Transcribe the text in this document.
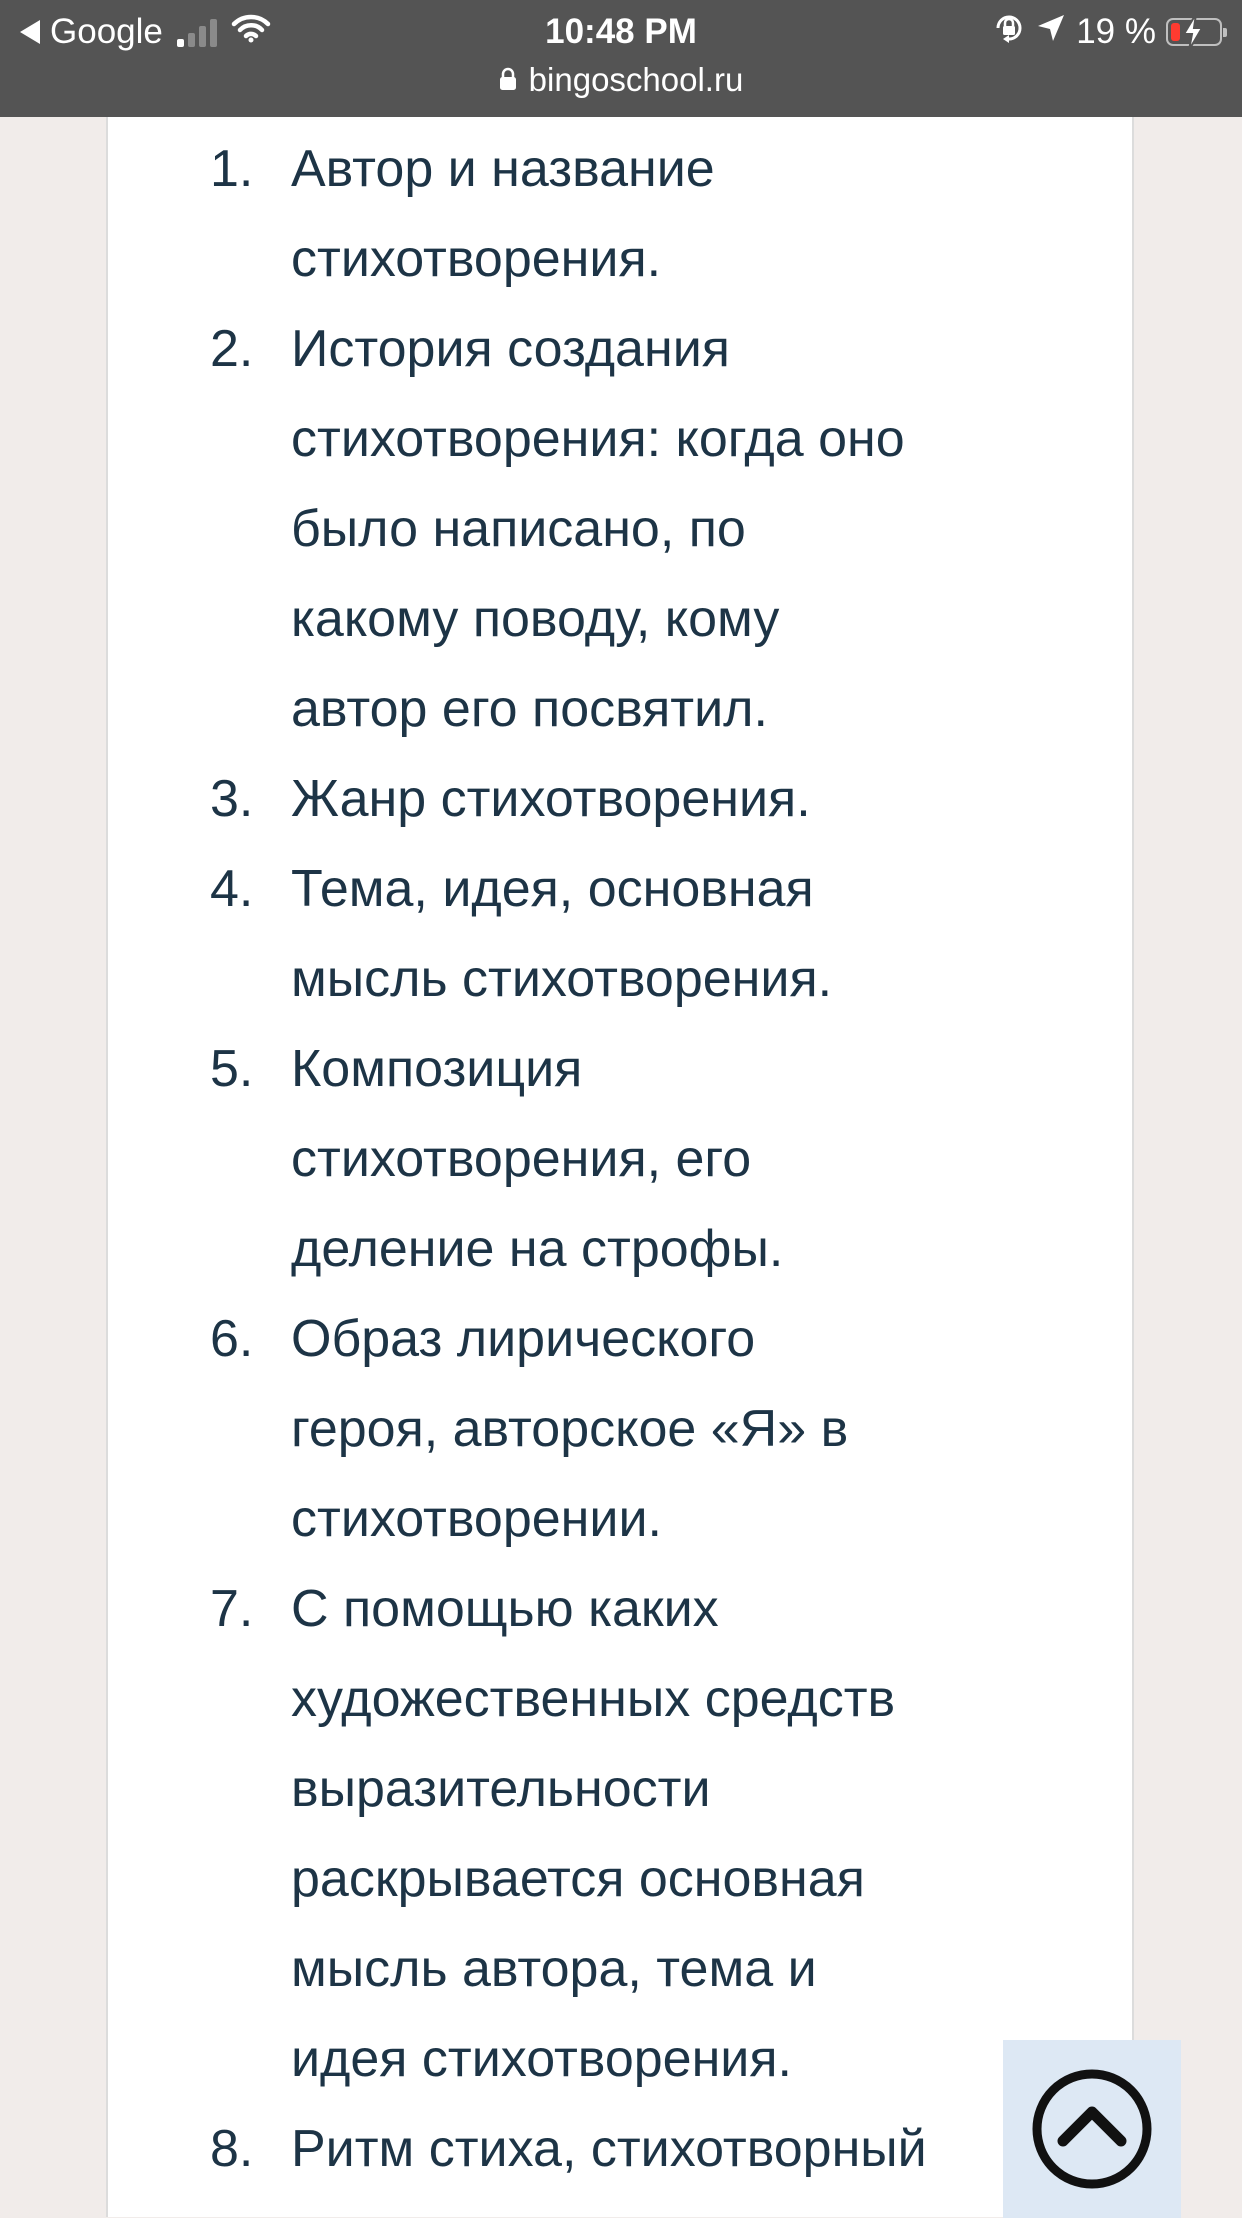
Google	10:48 PM
bingoschool.ru
19 %
1. Автор и название
стихотворения.
2. История создания
стихотворения: когда оно
было написано, по
какому поводу, кому
автор его посвятил.
3. Жанр стихотворения.
4. Тема, идея, основная
мысль стихотворения.
5. Композиция
стихотворения, его
деление на строфы.
6. Образ лирического
героя, авторское «Я» в
стихотворении.
7. С помощью каких
художественных средств
выразительности
раскрывается основная
мысль автора, тема и
идея стихотворения.
8. Ритм стиха, стихотворный
